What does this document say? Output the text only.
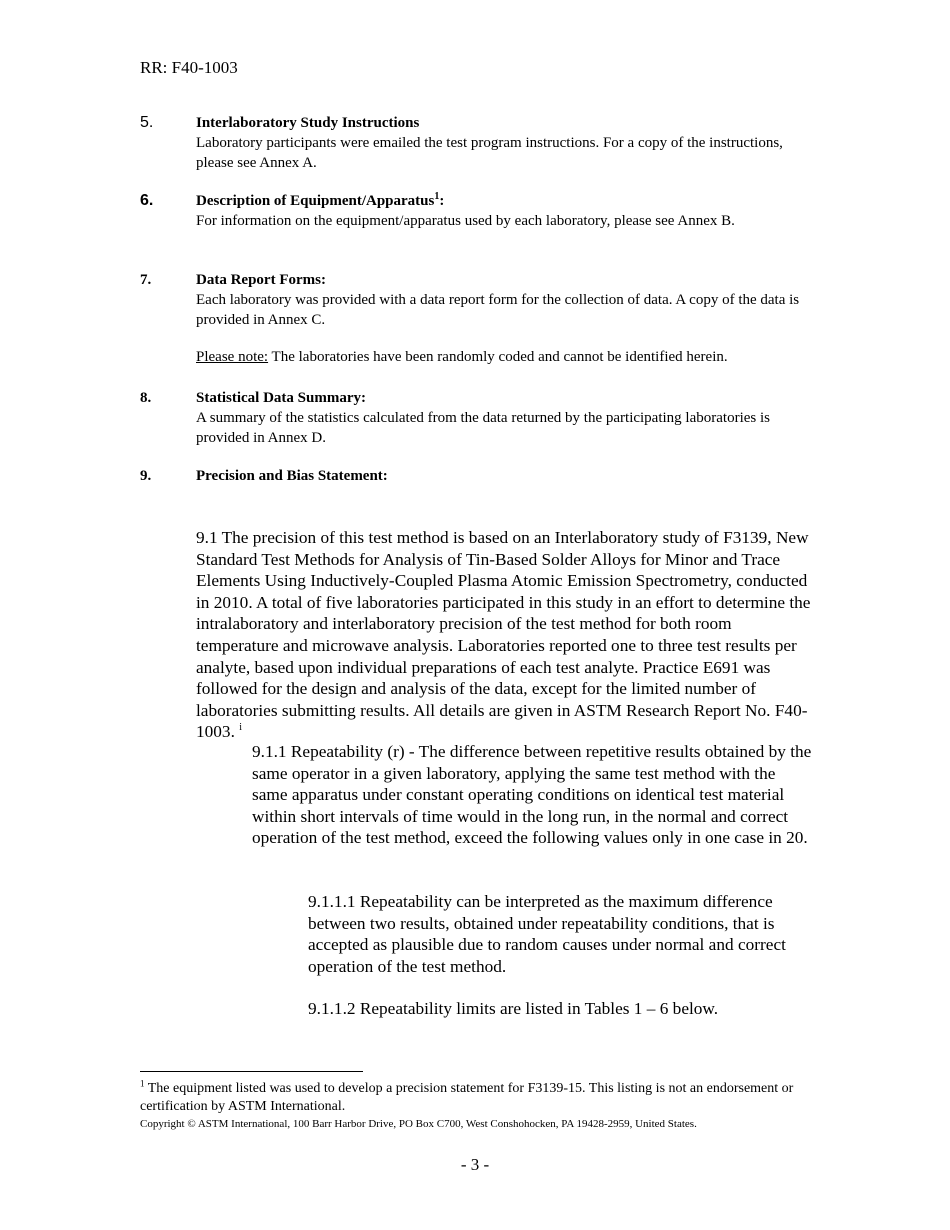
RR: F40-1003
5.	Interlaboratory Study Instructions
Laboratory participants were emailed the test program instructions. For a copy of the instructions, please see Annex A.
6.	Description of Equipment/Apparatus$^1$:
For information on the equipment/apparatus used by each laboratory, please see Annex B.
7.	Data Report Forms:
Each laboratory was provided with a data report form for the collection of data. A copy of the data is provided in Annex C.
Please note: The laboratories have been randomly coded and cannot be identified herein.
8.	Statistical Data Summary:
A summary of the statistics calculated from the data returned by the participating laboratories is provided in Annex D.
9.	Precision and Bias Statement:
9.1 The precision of this test method is based on an Interlaboratory study of F3139, New Standard Test Methods for Analysis of Tin-Based Solder Alloys for Minor and Trace Elements Using Inductively-Coupled Plasma Atomic Emission Spectrometry, conducted in 2010. A total of five laboratories participated in this study in an effort to determine the intralaboratory and interlaboratory precision of the test method for both room temperature and microwave analysis. Laboratories reported one to three test results per analyte, based upon individual preparations of each test analyte. Practice E691 was followed for the design and analysis of the data, except for the limited number of laboratories submitting results. All details are given in ASTM Research Report No. F40-1003. $^i$
9.1.1 Repeatability (r) - The difference between repetitive results obtained by the same operator in a given laboratory, applying the same test method with the same apparatus under constant operating conditions on identical test material within short intervals of time would in the long run, in the normal and correct operation of the test method, exceed the following values only in one case in 20.
9.1.1.1 Repeatability can be interpreted as the maximum difference between two results, obtained under repeatability conditions, that is accepted as plausible due to random causes under normal and correct operation of the test method.
9.1.1.2 Repeatability limits are listed in Tables 1 – 6 below.
$^1$ The equipment listed was used to develop a precision statement for F3139-15. This listing is not an endorsement or certification by ASTM International.
Copyright © ASTM International, 100 Barr Harbor Drive, PO Box C700, West Conshohocken, PA 19428-2959, United States.
- 3 -
